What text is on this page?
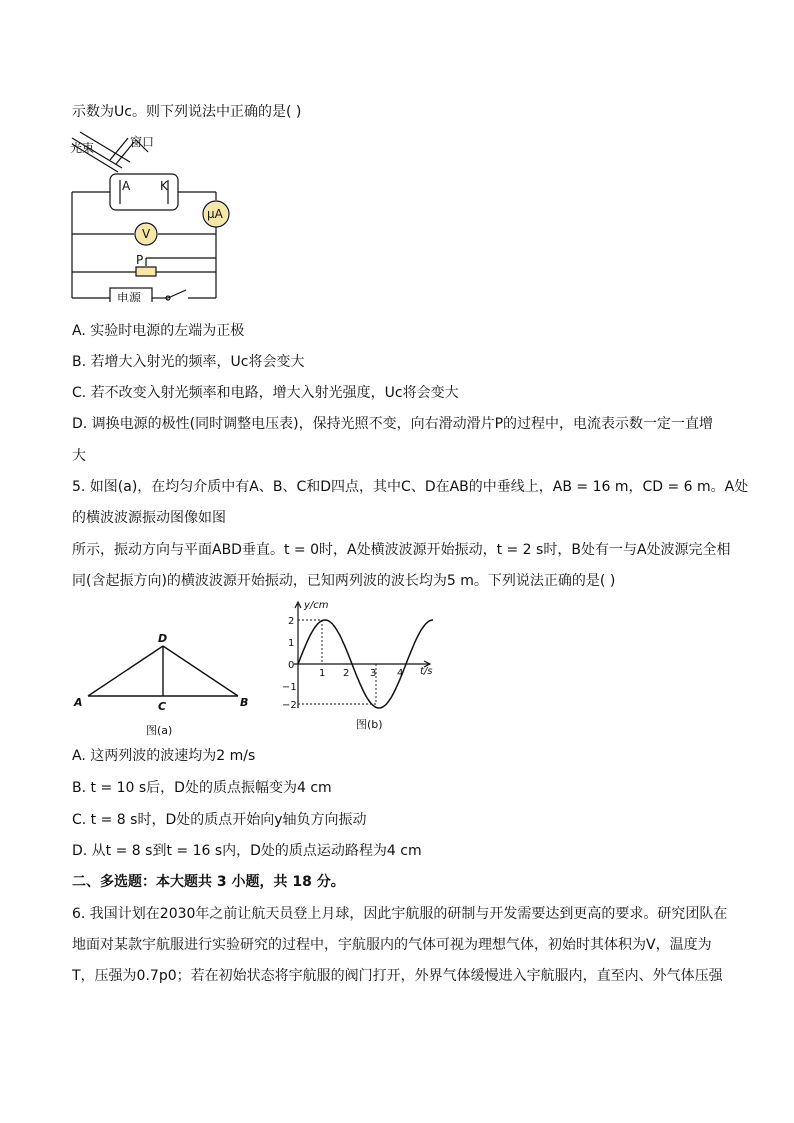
示数为Uc。则下列说法中正确的是( )
光束	窗口
A K
μA
V
P
电源
A. 实验时电源的左端为正极
B. 若增大入射光的频率，Uc将会变大
C. 若不改变入射光频率和电路，增大入射光强度，Uc将会变大
D. 调换电源的极性(同时调整电压表)，保持光照不变，向右滑动滑片P的过程中，电流表示数一定一直增
大
5. 如图(a)，在均匀介质中有A、B、C和D四点，其中C、D在AB的中垂线上，AB = 16 m，CD = 6 m。A处
的横波波源振动图像如图
所示，振动方向与平面ABD垂直。t = 0时，A处横波波源开始振动，t = 2 s时，B处有一与A处波源完全相
同(含起振方向)的横波波源开始振动，已知两列波的波长均为5 m。下列说法正确的是( )
D
A	B
C
图(a)
y/cm
t/s
2
1
0
−1
−2
1 2 3 4
图(b)
A. 这两列波的波速均为2 m/s
B. t = 10 s后，D处的质点振幅变为4 cm
C. t = 8 s时，D处的质点开始向y轴负方向振动
D. 从t = 8 s到t = 16 s内，D处的质点运动路程为4 cm
二、多选题：本大题共 3 小题，共 18 分。
6. 我国计划在2030年之前让航天员登上月球，因此宇航服的研制与开发需要达到更高的要求。研究团队在
地面对某款宇航服进行实验研究的过程中，宇航服内的气体可视为理想气体，初始时其体积为V，温度为
T，压强为0.7p0；若在初始状态将宇航服的阀门打开，外界气体缓慢进入宇航服内，直至内、外气体压强
